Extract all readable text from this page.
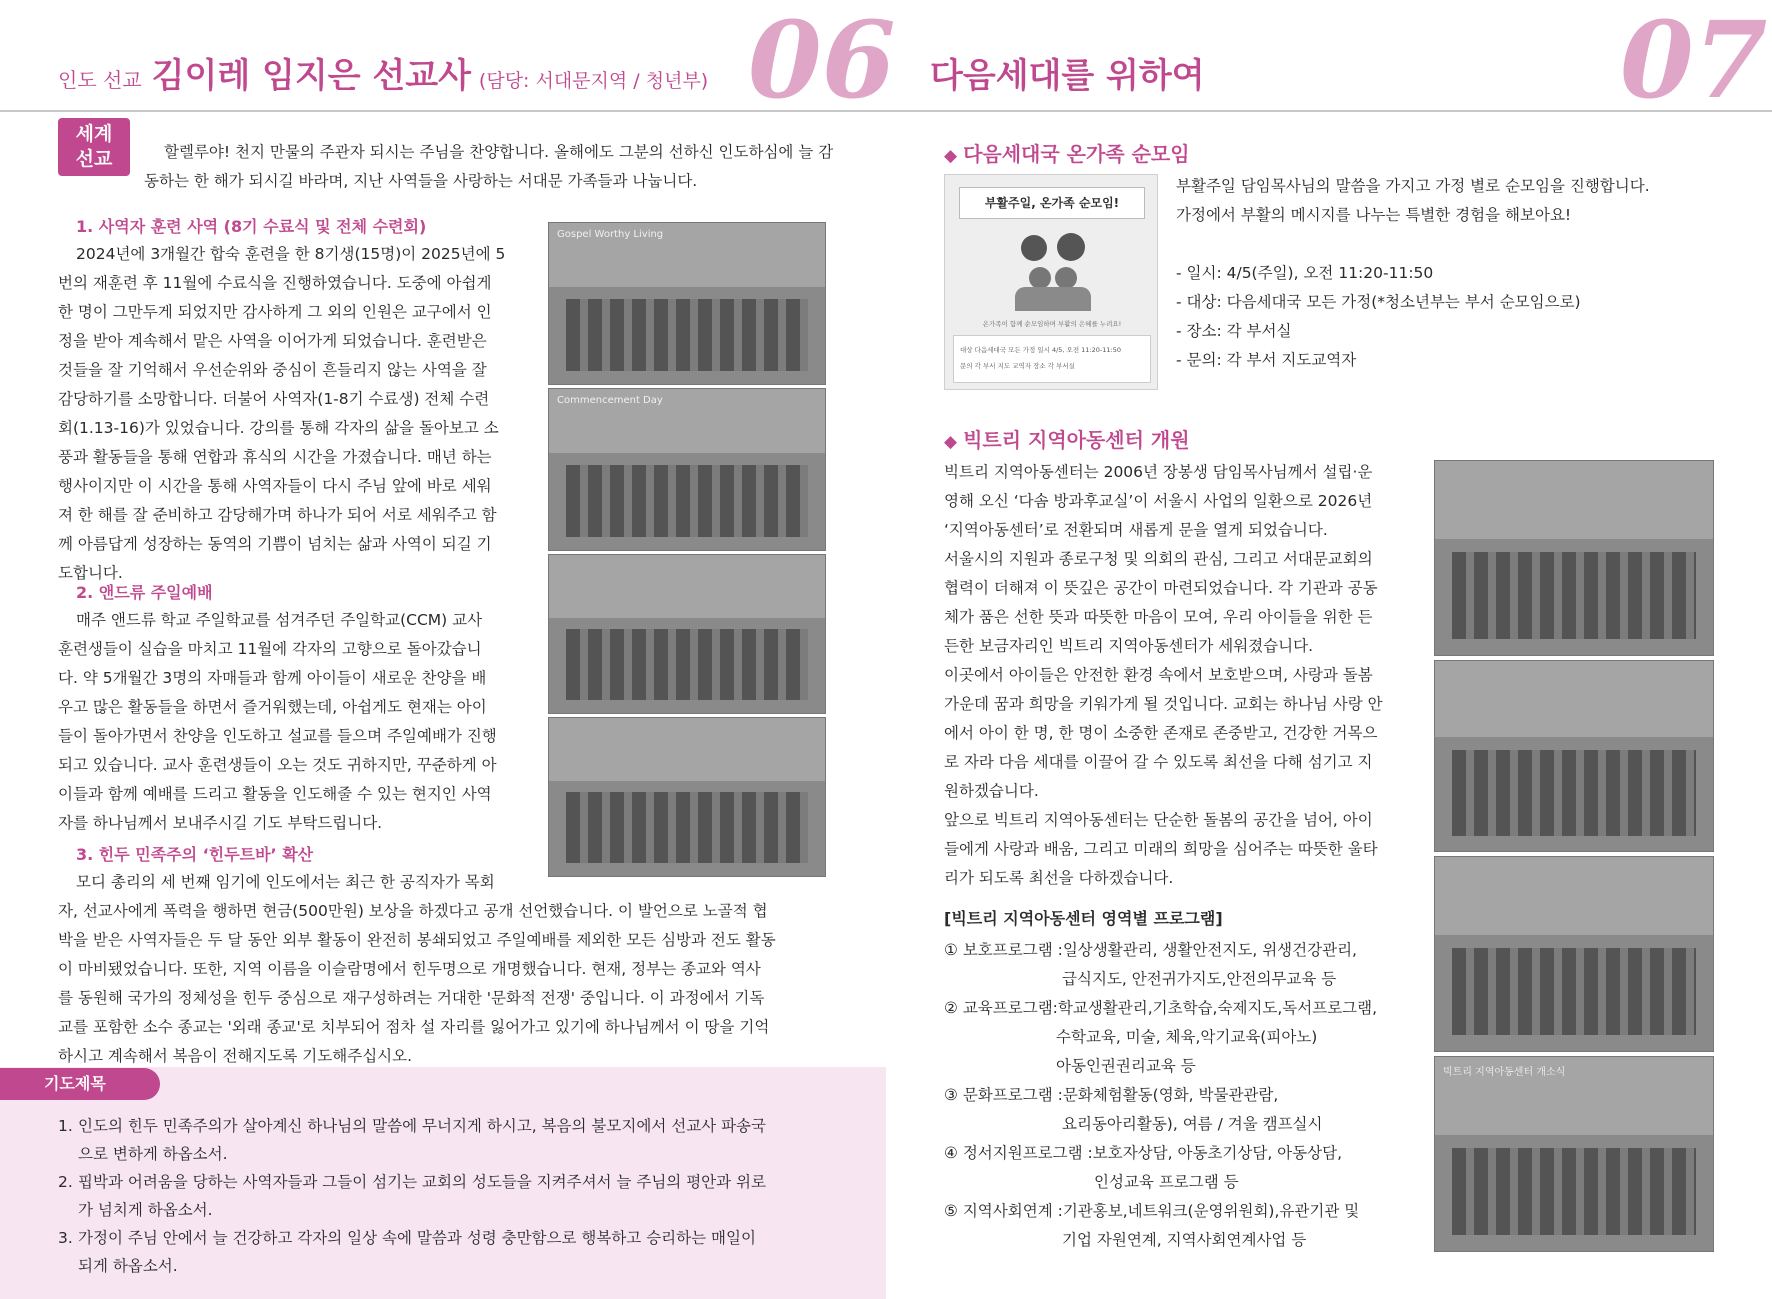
인도 선교 김이레 임지은 선교사 (담당: 서대문지역 / 청년부) 06
세계
선교	할렐루야! 천지 만물의 주관자 되시는 주님을 찬양합니다. 올해에도 그분의 선하신 인도하심에 늘 감동하는 한 해가 되시길 바라며, 지난 사역들을 사랑하는 서대문 가족들과 나눕니다.
1. 사역자 훈련 사역 (8기 수료식 및 전체 수련회)
2024년에 3개월간 합숙 훈련을 한 8기생(15명)이 2025년에 5
번의 재훈련 후 11월에 수료식을 진행하였습니다. 도중에 아쉽게
한 명이 그만두게 되었지만 감사하게 그 외의 인원은 교구에서 인
정을 받아 계속해서 맡은 사역을 이어가게 되었습니다. 훈련받은
것들을 잘 기억해서 우선순위와 중심이 흔들리지 않는 사역을 잘
감당하기를 소망합니다. 더불어 사역자(1-8기 수료생) 전체 수련
회(1.13-16)가 있었습니다. 강의를 통해 각자의 삶을 돌아보고 소
풍과 활동들을 통해 연합과 휴식의 시간을 가졌습니다. 매년 하는
행사이지만 이 시간을 통해 사역자들이 다시 주님 앞에 바로 세워
져 한 해를 잘 준비하고 감당해가며 하나가 되어 서로 세워주고 함
께 아름답게 성장하는 동역의 기쁨이 넘치는 삶과 사역이 되길 기
도합니다.
2. 앤드류 주일예배
매주 앤드류 학교 주일학교를 섬겨주던 주일학교(CCM) 교사
훈련생들이 실습을 마치고 11월에 각자의 고향으로 돌아갔습니
다. 약 5개월간 3명의 자매들과 함께 아이들이 새로운 찬양을 배
우고 많은 활동들을 하면서 즐거워했는데, 아쉽게도 현재는 아이
들이 돌아가면서 찬양을 인도하고 설교를 들으며 주일예배가 진행
되고 있습니다. 교사 훈련생들이 오는 것도 귀하지만, 꾸준하게 아
이들과 함께 예배를 드리고 활동을 인도해줄 수 있는 현지인 사역
자를 하나님께서 보내주시길 기도 부탁드립니다.
3. 힌두 민족주의 ‘힌두트바’ 확산
모디 총리의 세 번째 임기에 인도에서는 최근 한 공직자가 목회
자, 선교사에게 폭력을 행하면 현금(500만원) 보상을 하겠다고 공개 선언했습니다. 이 발언으로 노골적 협
박을 받은 사역자들은 두 달 동안 외부 활동이 완전히 봉쇄되었고 주일예배를 제외한 모든 심방과 전도 활동
이 마비됐었습니다. 또한, 지역 이름을 이슬람명에서 힌두명으로 개명했습니다. 현재, 정부는 종교와 역사
를 동원해 국가의 정체성을 힌두 중심으로 재구성하려는 거대한 '문화적 전쟁' 중입니다. 이 과정에서 기독
교를 포함한 소수 종교는 '외래 종교'로 치부되어 점차 설 자리를 잃어가고 있기에 하나님께서 이 땅을 기억
하시고 계속해서 복음이 전해지도록 기도해주십시오.
Gospel Worthy Living
Commencement Day
기도제목
1. 인도의 힌두 민족주의가 살아계신 하나님의 말씀에 무너지게 하시고, 복음의 불모지에서 선교사 파송국
으로 변하게 하옵소서.
2. 핍박과 어려움을 당하는 사역자들과 그들이 섬기는 교회의 성도들을 지켜주셔서 늘 주님의 평안과 위로
가 넘치게 하옵소서.
3. 가정이 주님 안에서 늘 건강하고 각자의 일상 속에 말씀과 성령 충만함으로 행복하고 승리하는 매일이
되게 하옵소서.
다음세대를 위하여	07
◆ 다음세대국 온가족 순모임
부활주일, 온가족 순모임!
온가족이 함께 순모임하며 부활의 은혜를 누려요!
대상 다음세대국 모든 가정 일시 4/5, 오전 11:20-11:50
문의 각 부서 지도 교역자 장소 각 부서실
부활주일 담임목사님의 말씀을 가지고 가정 별로 순모임을 진행합니다.
가정에서 부활의 메시지를 나누는 특별한 경험을 해보아요!
- 일시: 4/5(주일), 오전 11:20-11:50
- 대상: 다음세대국 모든 가정(*청소년부는 부서 순모임으로)
- 장소: 각 부서실
- 문의: 각 부서 지도교역자
◆ 빅트리 지역아동센터 개원
빅트리 지역아동센터는 2006년 장봉생 담임목사님께서 설립·운
영해 오신 ‘다솜 방과후교실’이 서울시 사업의 일환으로 2026년
‘지역아동센터’로 전환되며 새롭게 문을 열게 되었습니다.
서울시의 지원과 종로구청 및 의회의 관심, 그리고 서대문교회의
협력이 더해져 이 뜻깊은 공간이 마련되었습니다. 각 기관과 공동
체가 품은 선한 뜻과 따뜻한 마음이 모여, 우리 아이들을 위한 든
든한 보금자리인 빅트리 지역아동센터가 세워졌습니다.
이곳에서 아이들은 안전한 환경 속에서 보호받으며, 사랑과 돌봄
가운데 꿈과 희망을 키워가게 될 것입니다. 교회는 하나님 사랑 안
에서 아이 한 명, 한 명이 소중한 존재로 존중받고, 건강한 거목으
로 자라 다음 세대를 이끌어 갈 수 있도록 최선을 다해 섬기고 지
원하겠습니다.
앞으로 빅트리 지역아동센터는 단순한 돌봄의 공간을 넘어, 아이
들에게 사랑과 배움, 그리고 미래의 희망을 심어주는 따뜻한 울타
리가 되도록 최선을 다하겠습니다.
빅트리 지역아동센터 개소식
[빅트리 지역아동센터 영역별 프로그램]
① 보호프로그램 : 일상생활관리, 생활안전지도, 위생건강관리,
급식지도, 안전귀가지도,안전의무교육 등
② 교육프로그램: 학교생활관리,기초학습,숙제지도,독서프로그램,
수학교육, 미술, 체육,악기교육(피아노)
아동인권권리교육 등
③ 문화프로그램 : 문화체험활동(영화, 박물관관람,
요리동아리활동), 여름 / 겨울 캠프실시
④ 정서지원프로그램 : 보호자상담, 아동초기상담, 아동상담,
인성교육 프로그램 등
⑤ 지역사회연계 : 기관홍보,네트워크(운영위원회),유관기관 및
기업 자원연계, 지역사회연계사업 등
